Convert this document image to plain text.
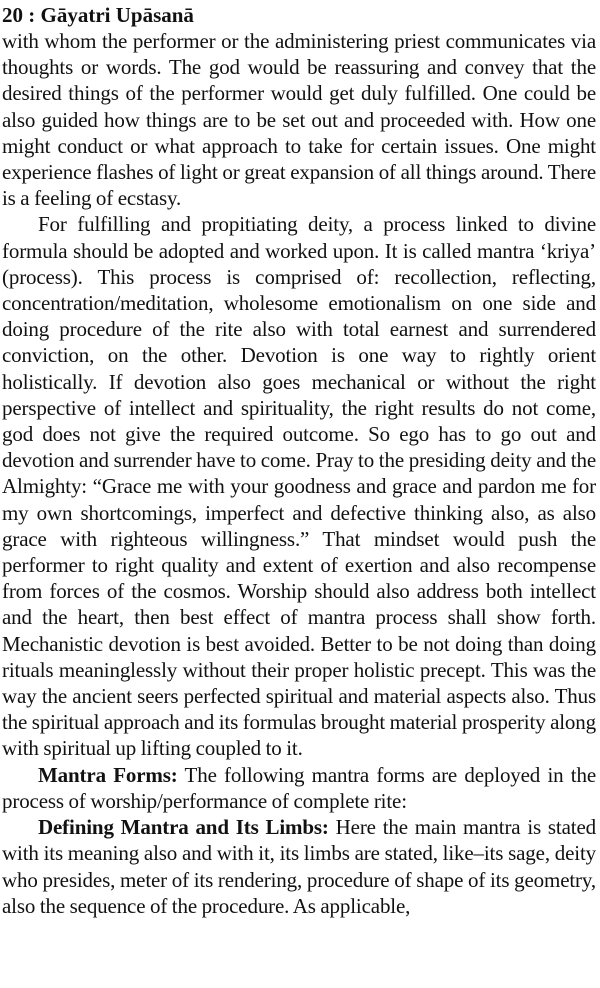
20 : Gāyatri Upāsanā

with whom the performer or the administering priest communicates via thoughts or words. The god would be reassuring and convey that the desired things of the performer would get duly fulfilled. One could be also guided how things are to be set out and proceeded with. How one might conduct or what approach to take for certain issues. One might experience flashes of light or great expansion of all things around. There is a feeling of ecstasy.

For fulfilling and propitiating deity, a process linked to divine formula should be adopted and worked upon. It is called mantra ‘kriya’ (process). This process is comprised of: recollection, reflecting, concentration/meditation, wholesome emotionalism on one side and doing procedure of the rite also with total earnest and surrendered conviction, on the other. Devotion is one way to rightly orient holistically. If devotion also goes mechanical or without the right perspective of intellect and spirituality, the right results do not come, god does not give the required outcome. So ego has to go out and devotion and surrender have to come. Pray to the presiding deity and the Almighty: “Grace me with your goodness and grace and pardon me for my own shortcomings, imperfect and defective thinking also, as also grace with righteous willingness.” That mindset would push the performer to right quality and extent of exertion and also recompense from forces of the cosmos. Worship should also address both intellect and the heart, then best effect of mantra process shall show forth. Mechanistic devotion is best avoided. Better to be not doing than doing rituals meaninglessly without their proper holistic precept. This was the way the ancient seers perfected spiritual and material aspects also. Thus the spiritual approach and its formulas brought material prosperity along with spiritual up lifting coupled to it.

Mantra Forms: The following mantra forms are deployed in the process of worship/performance of complete rite:

Defining Mantra and Its Limbs: Here the main mantra is stated with its meaning also and with it, its limbs are stated, like–its sage, deity who presides, meter of its rendering, procedure of shape of its geometry, also the sequence of the procedure. As applicable,
